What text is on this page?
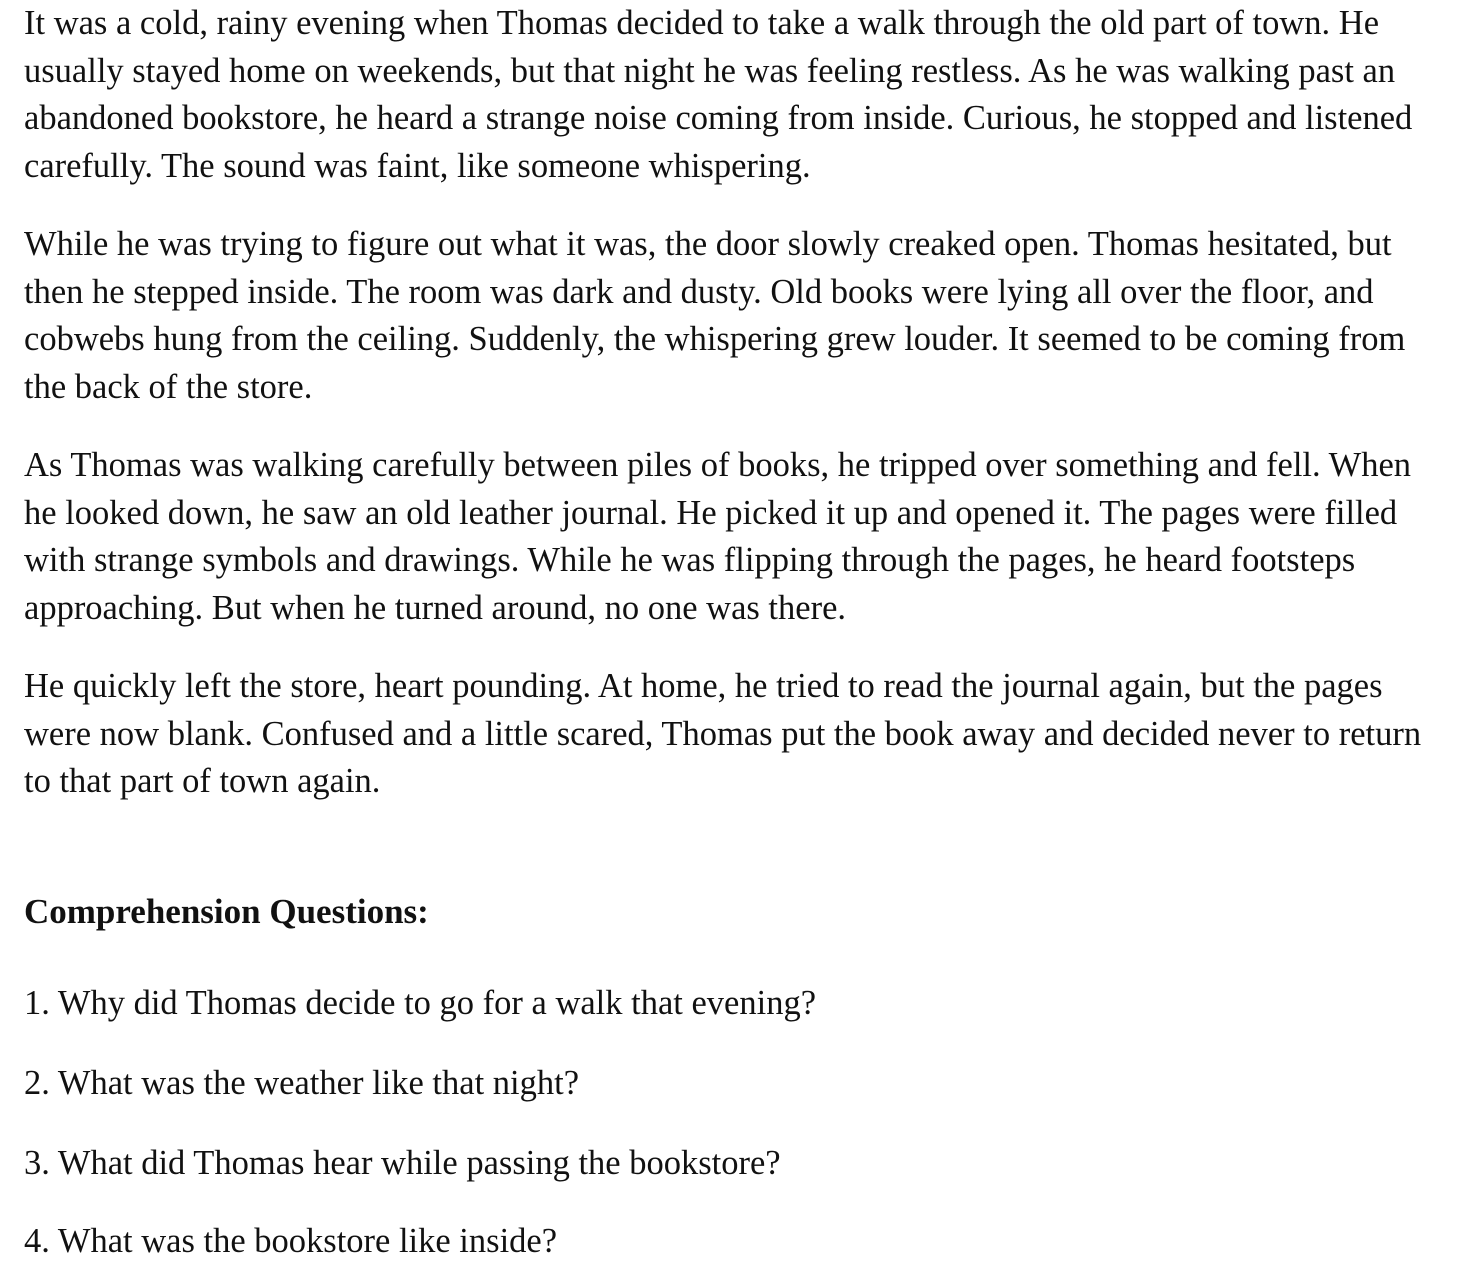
It was a cold, rainy evening when Thomas decided to take a walk through the old part of town. He usually stayed home on weekends, but that night he was feeling restless. As he was walking past an abandoned bookstore, he heard a strange noise coming from inside. Curious, he stopped and listened carefully. The sound was faint, like someone whispering.

While he was trying to figure out what it was, the door slowly creaked open. Thomas hesitated, but then he stepped inside. The room was dark and dusty. Old books were lying all over the floor, and cobwebs hung from the ceiling. Suddenly, the whispering grew louder. It seemed to be coming from the back of the store.

As Thomas was walking carefully between piles of books, he tripped over something and fell. When he looked down, he saw an old leather journal. He picked it up and opened it. The pages were filled with strange symbols and drawings. While he was flipping through the pages, he heard footsteps approaching. But when he turned around, no one was there.

He quickly left the store, heart pounding. At home, he tried to read the journal again, but the pages were now blank. Confused and a little scared, Thomas put the book away and decided never to return to that part of town again.

Comprehension Questions:
1. Why did Thomas decide to go for a walk that evening?
2. What was the weather like that night?
3. What did Thomas hear while passing the bookstore?
4. What was the bookstore like inside?
